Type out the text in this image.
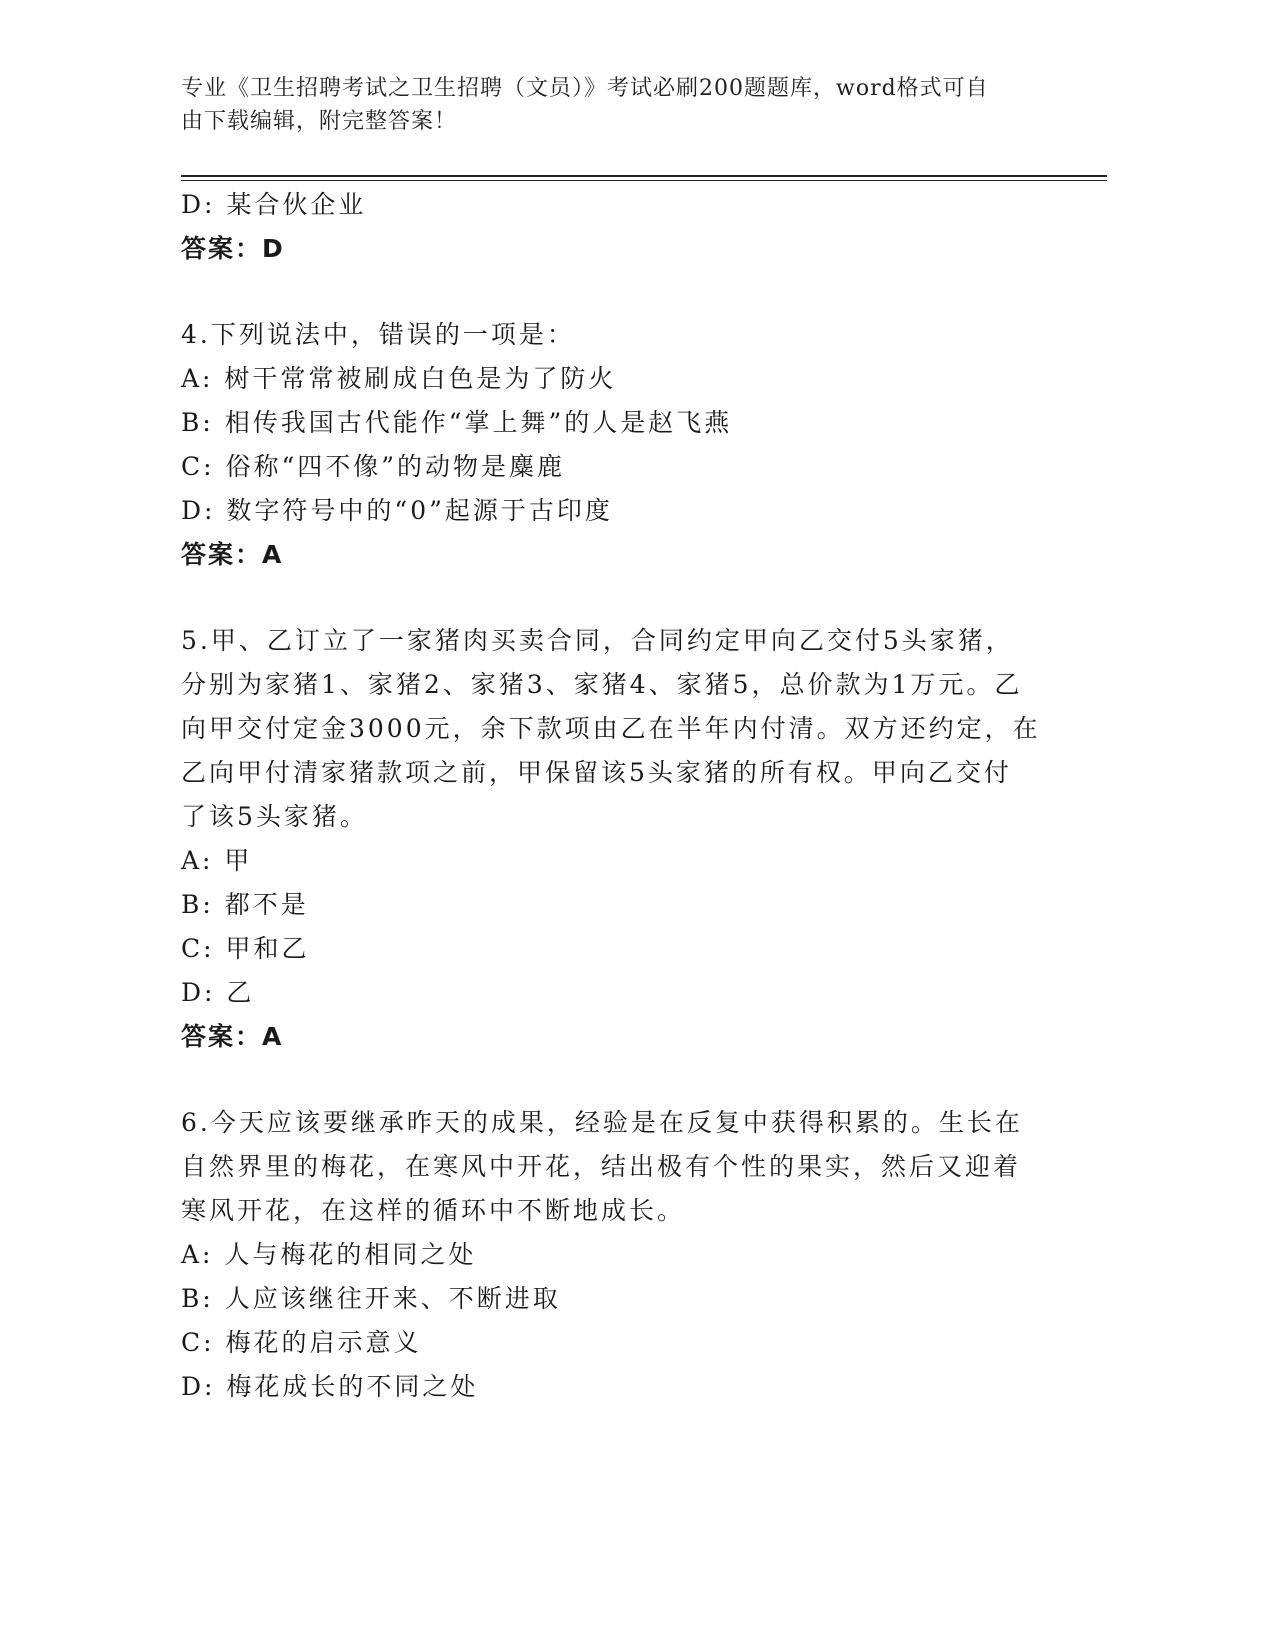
专业《卫生招聘考试之卫生招聘（文员）》考试必刷200题题库，word格式可自
由下载编辑，附完整答案！
D: 某合伙企业
答案：D
4.下列说法中，错误的一项是：
A: 树干常常被刷成白色是为了防火
B: 相传我国古代能作“掌上舞”的人是赵飞燕
C: 俗称“四不像”的动物是麋鹿
D: 数字符号中的“0”起源于古印度
答案：A
5.甲、乙订立了一家猪肉买卖合同，合同约定甲向乙交付5头家猪，
分别为家猪1、家猪2、家猪3、家猪4、家猪5，总价款为1万元。乙
向甲交付定金3000元，余下款项由乙在半年内付清。双方还约定，在
乙向甲付清家猪款项之前，甲保留该5头家猪的所有权。甲向乙交付
了该5头家猪。
A: 甲
B: 都不是
C: 甲和乙
D: 乙
答案：A
6.今天应该要继承昨天的成果，经验是在反复中获得积累的。生长在
自然界里的梅花，在寒风中开花，结出极有个性的果实，然后又迎着
寒风开花，在这样的循环中不断地成长。
A: 人与梅花的相同之处
B: 人应该继往开来、不断进取
C: 梅花的启示意义
D: 梅花成长的不同之处
